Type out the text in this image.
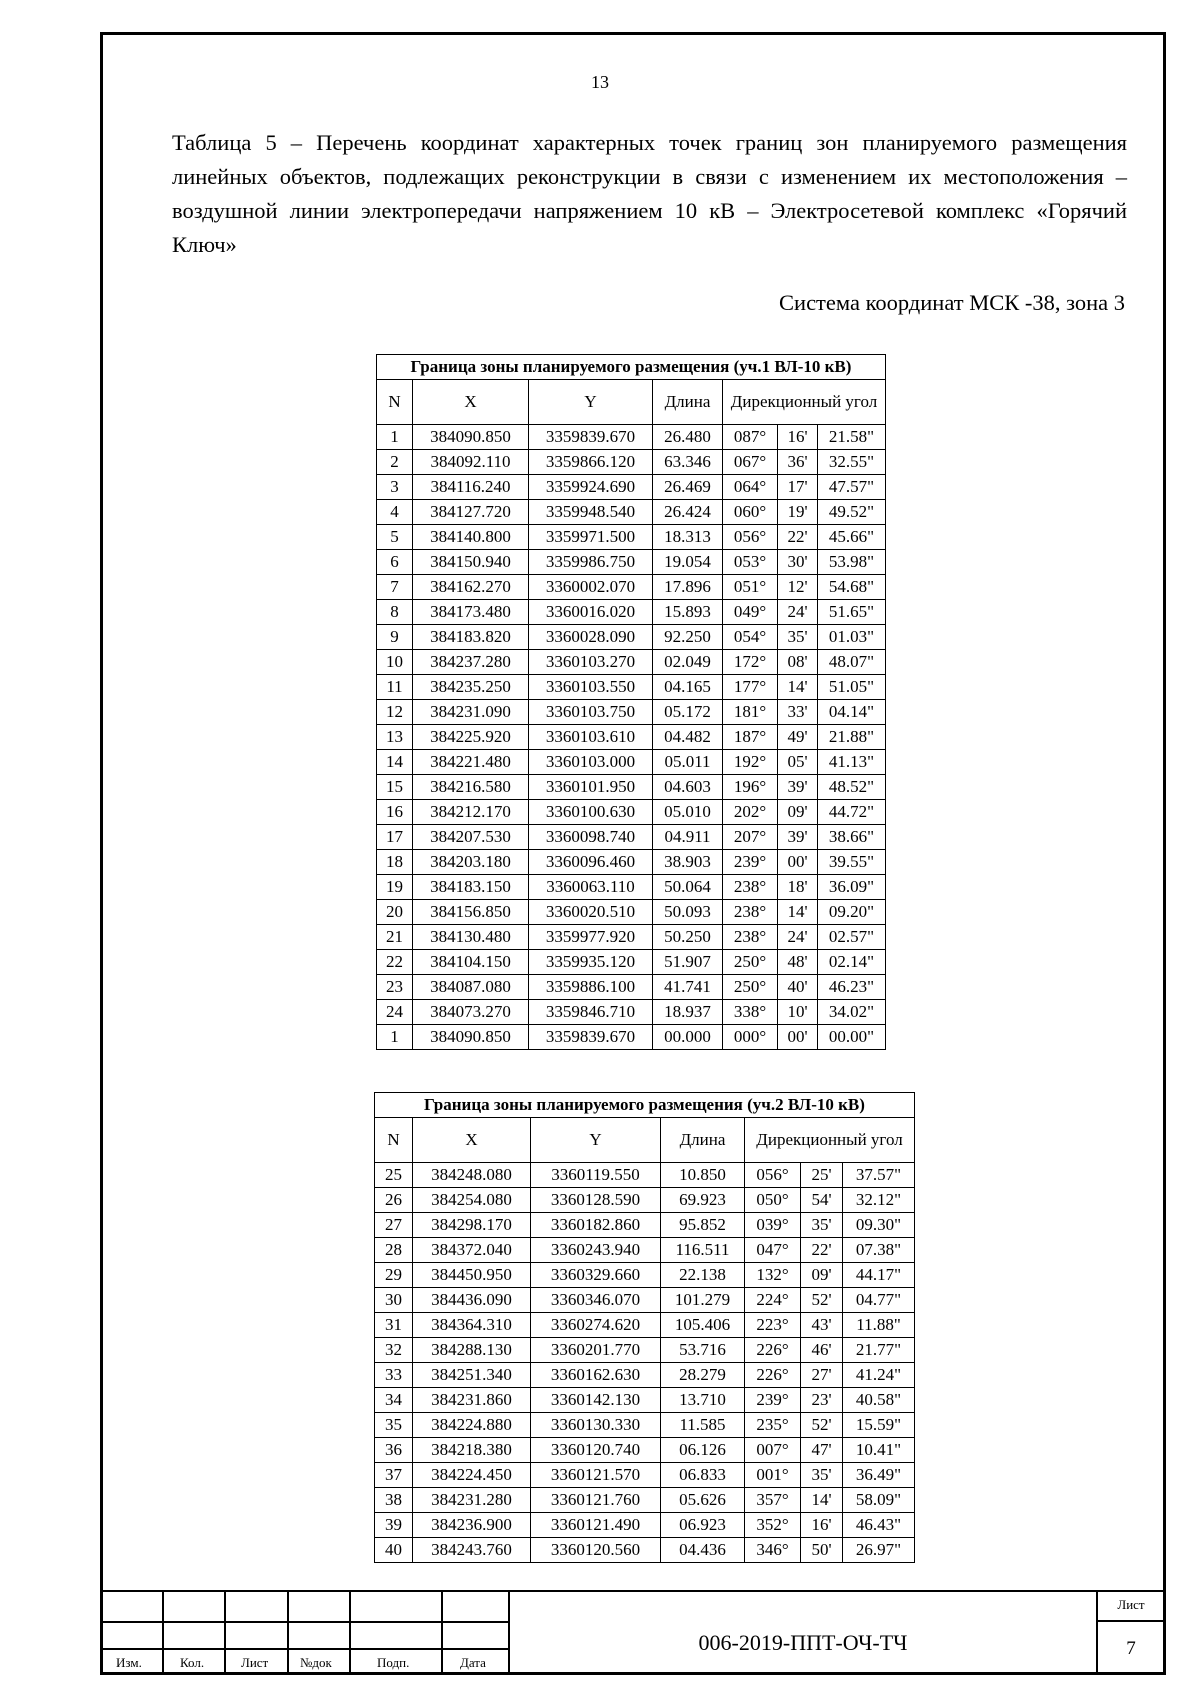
13
Таблица 5 – Перечень координат характерных точек границ зон планируемого размещения линейных объектов, подлежащих реконструкции в связи с изменением их местоположения – воздушной линии электропередачи напряжением 10 кВ – Электросетевой комплекс «Горячий Ключ»
Система координат МСК -38, зона 3
Граница зоны планируемого размещения (уч.1 ВЛ-10 кВ)						
N	X	Y	Длина	Дирекционный угол		
1	384090.850	3359839.670	26.480	087°	16'	21.58"
2	384092.110	3359866.120	63.346	067°	36'	32.55"
3	384116.240	3359924.690	26.469	064°	17'	47.57"
4	384127.720	3359948.540	26.424	060°	19'	49.52"
5	384140.800	3359971.500	18.313	056°	22'	45.66"
6	384150.940	3359986.750	19.054	053°	30'	53.98"
7	384162.270	3360002.070	17.896	051°	12'	54.68"
8	384173.480	3360016.020	15.893	049°	24'	51.65"
9	384183.820	3360028.090	92.250	054°	35'	01.03"
10	384237.280	3360103.270	02.049	172°	08'	48.07"
11	384235.250	3360103.550	04.165	177°	14'	51.05"
12	384231.090	3360103.750	05.172	181°	33'	04.14"
13	384225.920	3360103.610	04.482	187°	49'	21.88"
14	384221.480	3360103.000	05.011	192°	05'	41.13"
15	384216.580	3360101.950	04.603	196°	39'	48.52"
16	384212.170	3360100.630	05.010	202°	09'	44.72"
17	384207.530	3360098.740	04.911	207°	39'	38.66"
18	384203.180	3360096.460	38.903	239°	00'	39.55"
19	384183.150	3360063.110	50.064	238°	18'	36.09"
20	384156.850	3360020.510	50.093	238°	14'	09.20"
21	384130.480	3359977.920	50.250	238°	24'	02.57"
22	384104.150	3359935.120	51.907	250°	48'	02.14"
23	384087.080	3359886.100	41.741	250°	40'	46.23"
24	384073.270	3359846.710	18.937	338°	10'	34.02"
1	384090.850	3359839.670	00.000	000°	00'	00.00"
Граница зоны планируемого размещения (уч.2 ВЛ-10 кВ)						
N	X	Y	Длина	Дирекционный угол		
25	384248.080	3360119.550	10.850	056°	25'	37.57"
26	384254.080	3360128.590	69.923	050°	54'	32.12"
27	384298.170	3360182.860	95.852	039°	35'	09.30"
28	384372.040	3360243.940	116.511	047°	22'	07.38"
29	384450.950	3360329.660	22.138	132°	09'	44.17"
30	384436.090	3360346.070	101.279	224°	52'	04.77"
31	384364.310	3360274.620	105.406	223°	43'	11.88"
32	384288.130	3360201.770	53.716	226°	46'	21.77"
33	384251.340	3360162.630	28.279	226°	27'	41.24"
34	384231.860	3360142.130	13.710	239°	23'	40.58"
35	384224.880	3360130.330	11.585	235°	52'	15.59"
36	384218.380	3360120.740	06.126	007°	47'	10.41"
37	384224.450	3360121.570	06.833	001°	35'	36.49"
38	384231.280	3360121.760	05.626	357°	14'	58.09"
39	384236.900	3360121.490	06.923	352°	16'	46.43"
40	384243.760	3360120.560	04.436	346°	50'	26.97"
Изм.	Кол.	Лист №док	Подп.	Дата
006-2019-ППТ-ОЧ-ТЧ
Лист
7
